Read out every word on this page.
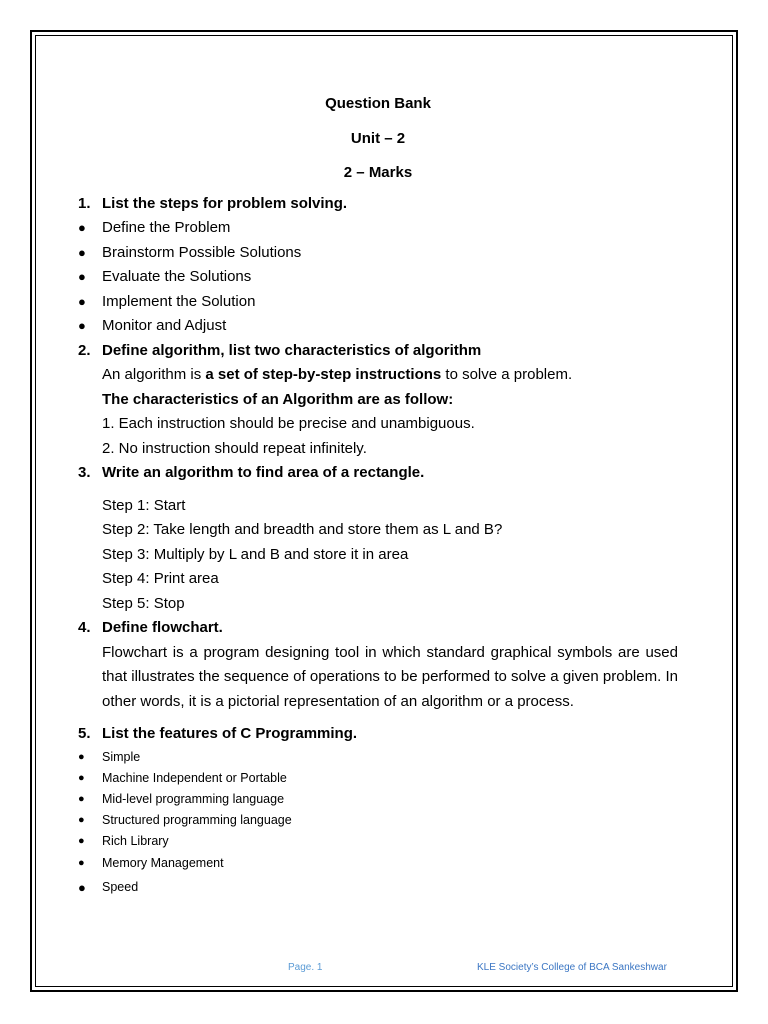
Question Bank

Unit – 2

2 – Marks

1. List the steps for problem solving.

●	Define the Problem

●	Brainstorm Possible Solutions

●	Evaluate the Solutions

●	Implement the Solution

●	Monitor and Adjust

2. Define algorithm, list two characteristics of algorithm

An algorithm is a set of step-by-step instructions to solve a problem.

The characteristics of an Algorithm are as follow:

1. Each instruction should be precise and unambiguous.

2. No instruction should repeat infinitely.

3. Write an algorithm to find area of a rectangle.

Step 1: Start

Step 2: Take length and breadth and store them as L and B?

Step 3: Multiply by L and B and store it in area

Step 4: Print area

Step 5: Stop

4. Define flowchart.

Flowchart is a program designing tool in which standard graphical symbols are used that illustrates the sequence of operations to be performed to solve a given problem. In other words, it is a pictorial representation of an algorithm or a process.

5. List the features of C Programming.

●	Simple

●	Machine Independent or Portable

●	Mid-level programming language

●	Structured programming language

●	Rich Library

●	Memory Management

●	Speed

Page. 1	KLE Society’s College of BCA Sankeshwar
